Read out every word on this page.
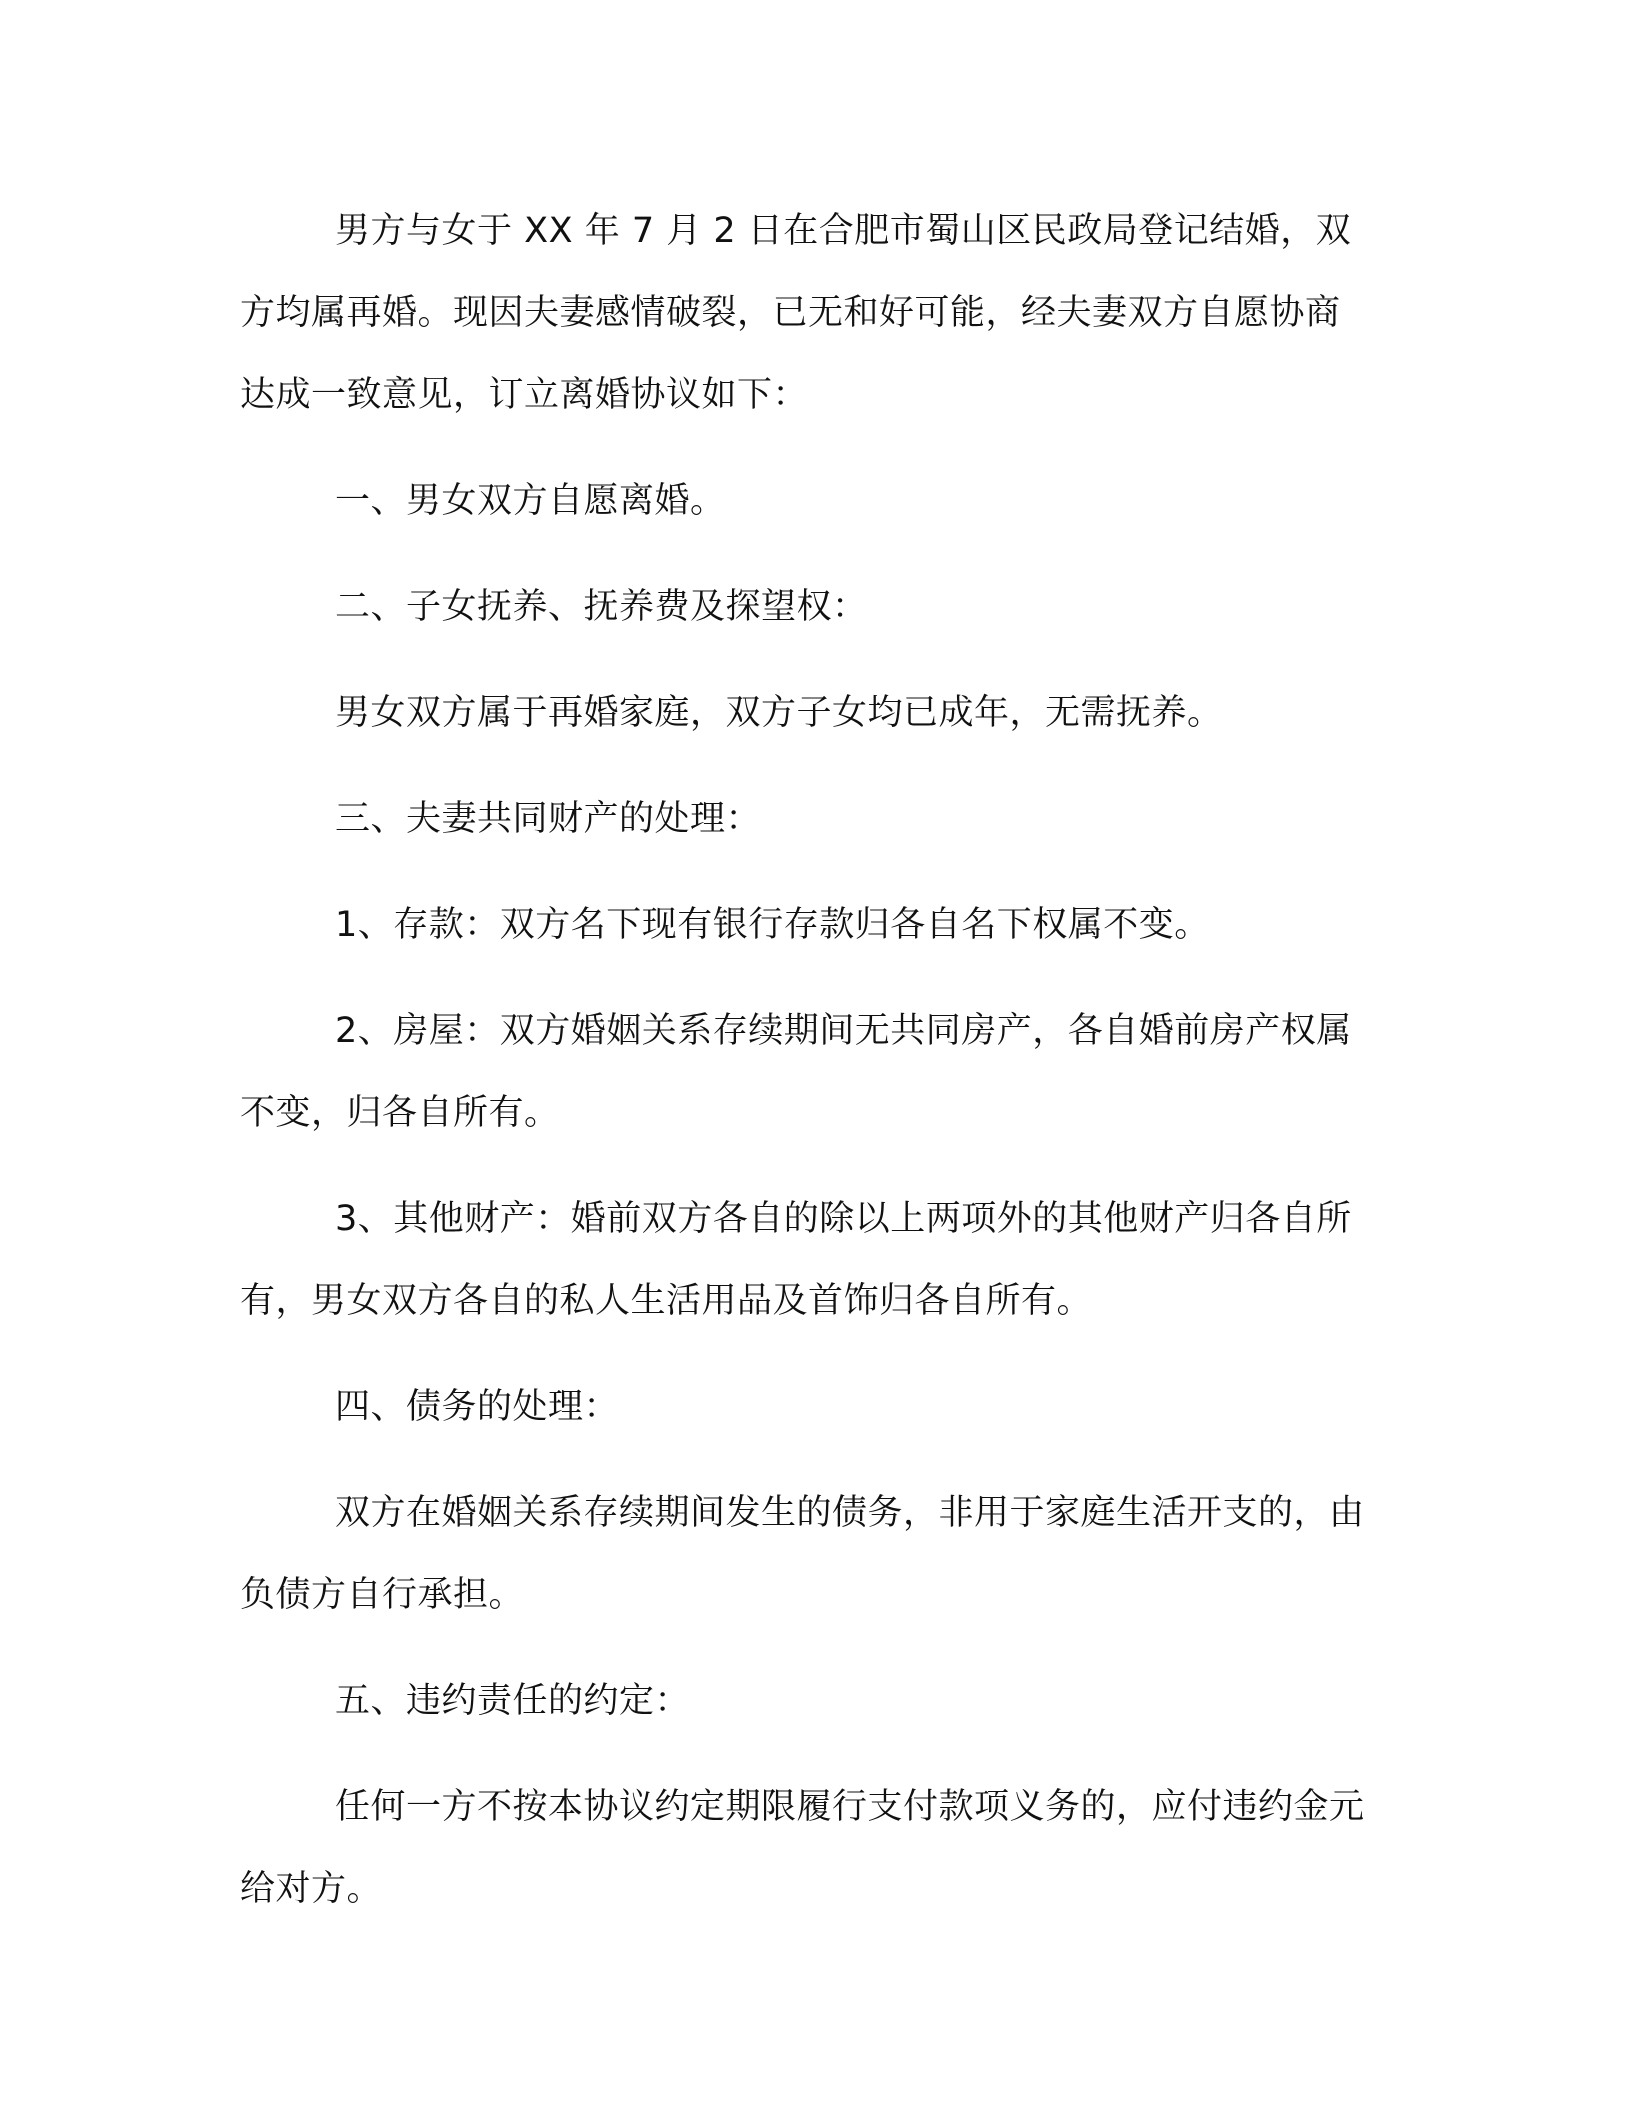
男方与女于 XX 年 7 月 2 日在合肥市蜀山区民政局登记结婚，双方均属再婚。现因夫妻感情破裂，已无和好可能，经夫妻双方自愿协商达成一致意见，订立离婚协议如下：

一、男女双方自愿离婚。

二、子女抚养、抚养费及探望权：

男女双方属于再婚家庭，双方子女均已成年，无需抚养。

三、夫妻共同财产的处理：

1、存款：双方名下现有银行存款归各自名下权属不变。

2、房屋：双方婚姻关系存续期间无共同房产，各自婚前房产权属不变，归各自所有。

3、其他财产：婚前双方各自的除以上两项外的其他财产归各自所有，男女双方各自的私人生活用品及首饰归各自所有。

四、债务的处理：

双方在婚姻关系存续期间发生的债务，非用于家庭生活开支的，由负债方自行承担。

五、违约责任的约定：

任何一方不按本协议约定期限履行支付款项义务的，应付违约金元给对方。
